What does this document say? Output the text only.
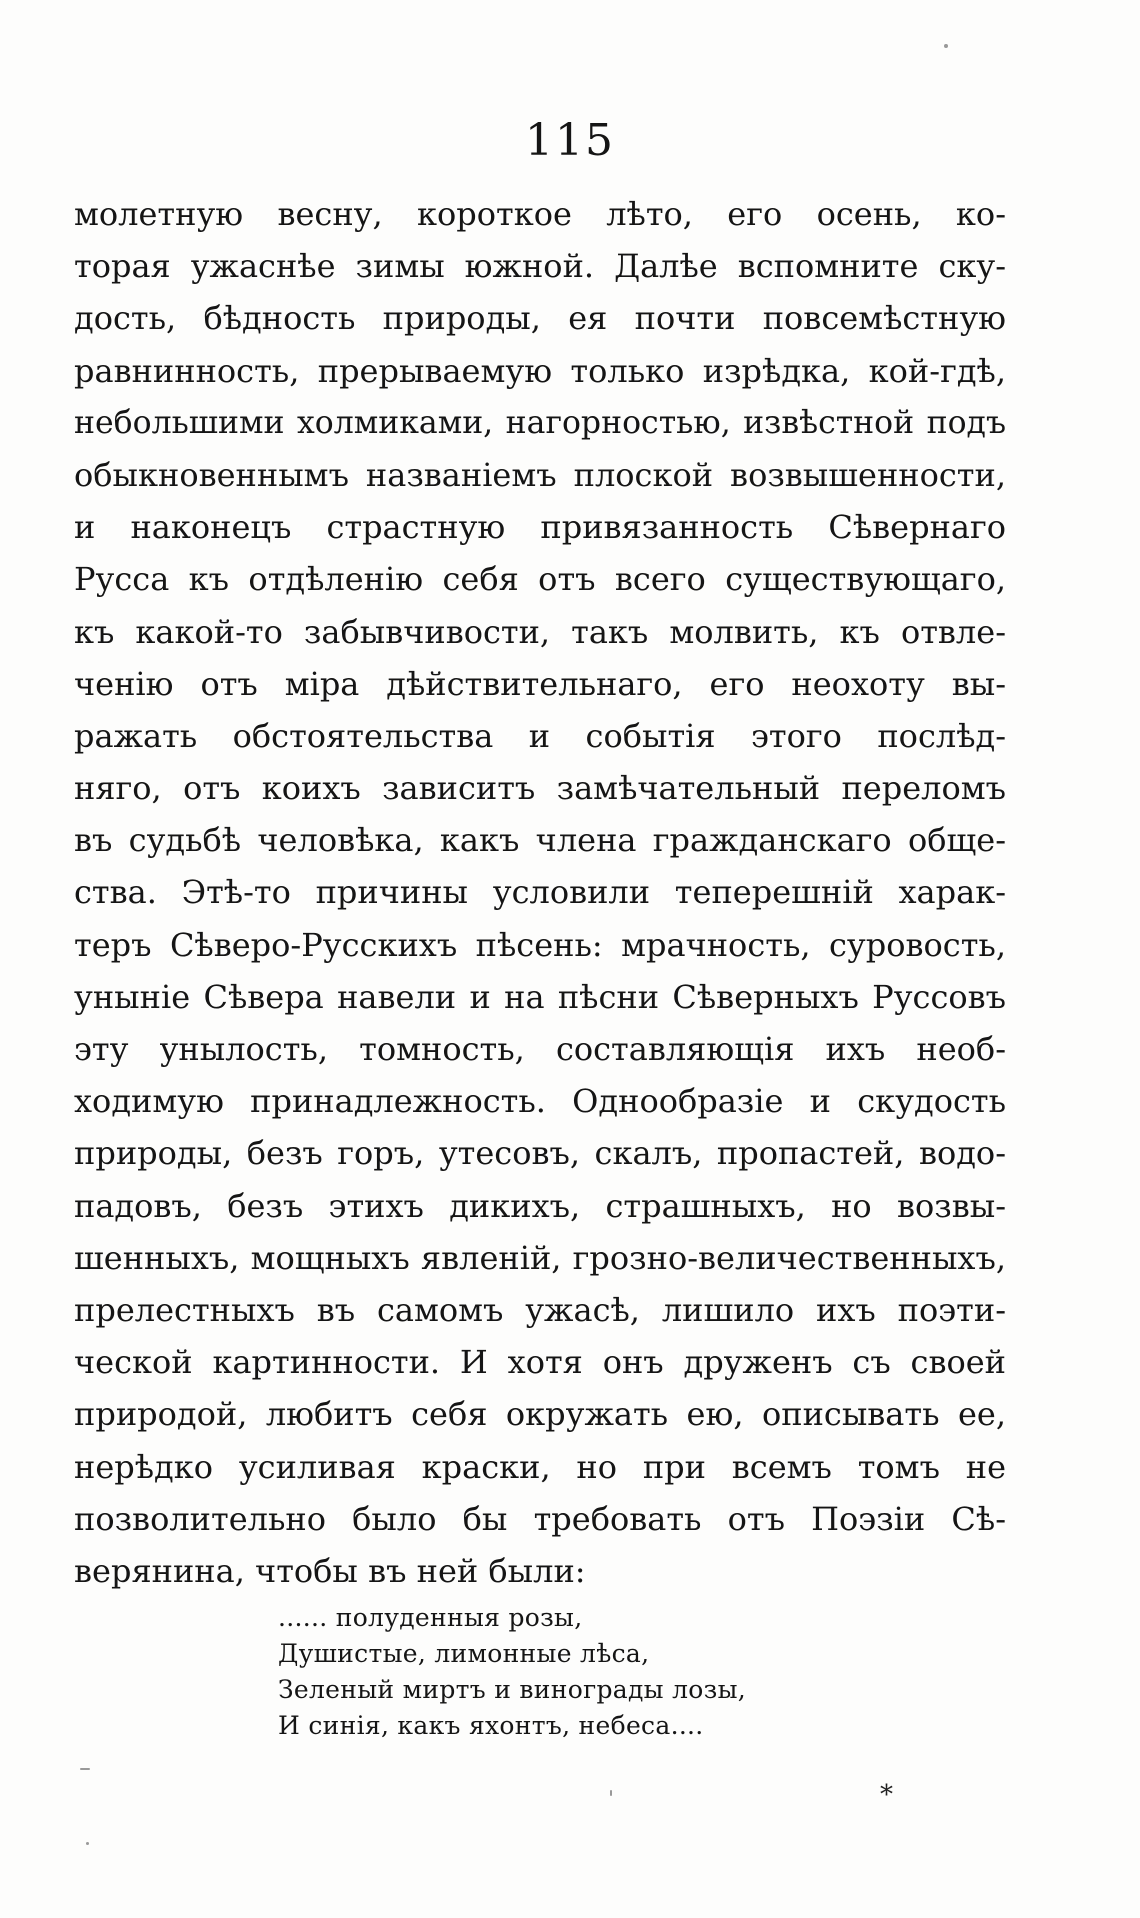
115
молетную весну, короткое лѣто, его осень, ко-
торая ужаснѣе зимы южной. Далѣе вспомните ску-
дость, бѣдность природы, ея почти повсемѣстную
равнинность, прерываемую только изрѣдка, кой-гдѣ,
небольшими холмиками, нагорностью, извѣстной подъ
обыкновеннымъ названіемъ плоской возвышенности,
и наконецъ страстную привязанность Сѣвернаго
Русса къ отдѣленію себя отъ всего существующаго,
къ какой-то забывчивости, такъ молвить, къ отвле-
ченію отъ міра дѣйствительнаго, его неохоту вы-
ражать обстоятельства и событія этого послѣд-
няго, отъ коихъ зависитъ замѣчательный переломъ
въ судьбѣ человѣка, какъ члена гражданскаго обще-
ства. Этѣ-то причины условили теперешній харак-
теръ Сѣверо-Русскихъ пѣсень: мрачность, суровость,
уныніе Сѣвера навели и на пѣсни Сѣверныхъ Руссовъ
эту унылость, томность, составляющія ихъ необ-
ходимую принадлежность. Однообразіе и скудость
природы, безъ горъ, утесовъ, скалъ, пропастей, водо-
падовъ, безъ этихъ дикихъ, страшныхъ, но возвы-
шенныхъ, мощныхъ явленій, грозно-величественныхъ,
прелестныхъ въ самомъ ужасѣ, лишило ихъ поэти-
ческой картинности. И хотя онъ друженъ съ своей
природой, любитъ себя окружать ею, описывать ее,
нерѣдко усиливая краски, но при всемъ томъ не
позволительно было бы требовать отъ Поэзіи Сѣ-
верянина, чтобы въ ней были:
...... полуденныя розы,
Душистые, лимонные лѣса,
Зеленый миртъ и винограды лозы,
И синія, какъ яхонтъ, небеса....
*
